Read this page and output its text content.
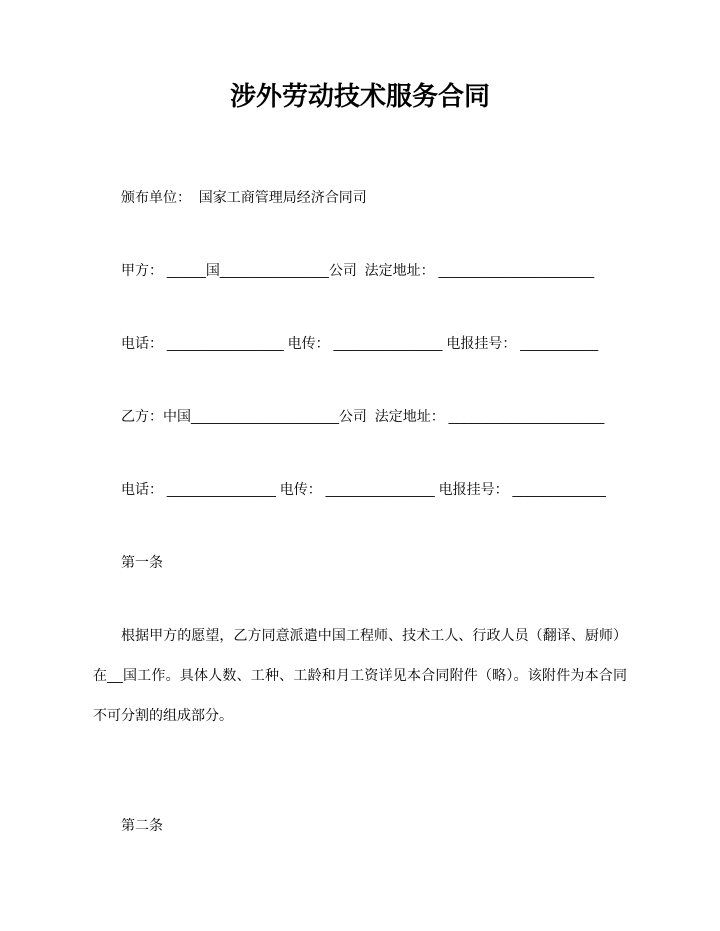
涉外劳动技术服务合同

颁布单位：  国家工商管理局经济合同司

甲方： _____国______________公司  法定地址： ____________________

电话： _______________ 电传： ______________ 电报挂号： __________

乙方：中国___________________公司  法定地址： ____________________

电话： ______________ 电传： ______________ 电报挂号： ____________

第一条

根据甲方的愿望，乙方同意派遣中国工程师、技术工人、行政人员（翻译、厨师）在__国工作。具体人数、工种、工龄和月工资详见本合同附件（略）。该附件为本合同不可分割的组成部分。

第二条
